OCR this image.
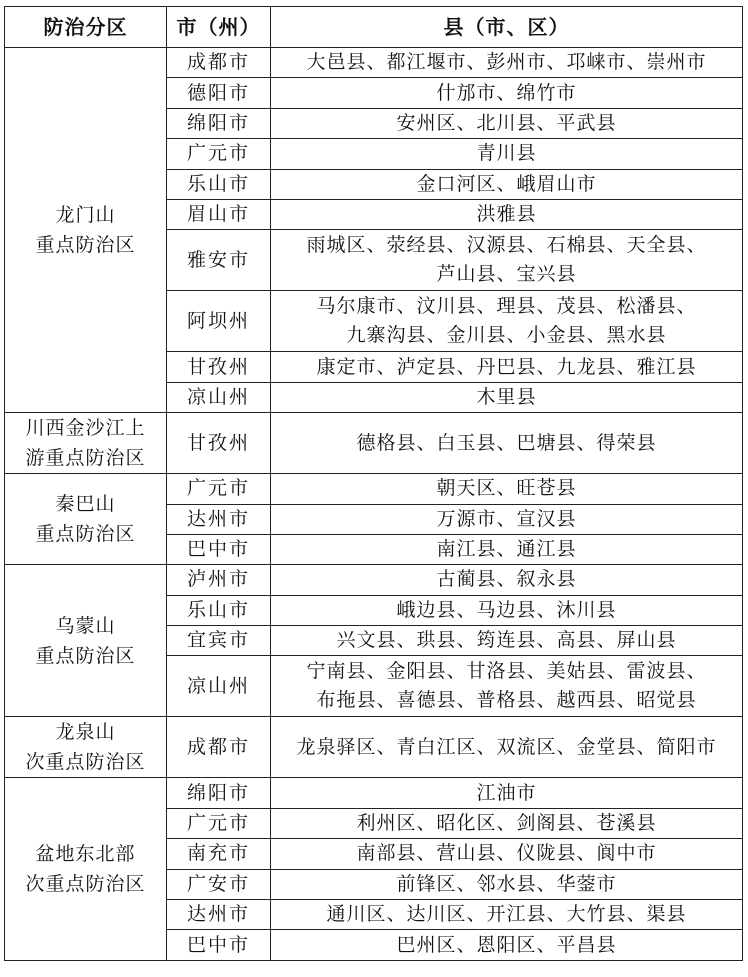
防治分区	市（州）	县（市、区）

龙门山
重点防治区	成都市	大邑县、都江堰市、彭州市、邛崃市、崇州市
	德阳市	什邡市、绵竹市
	绵阳市	安州区、北川县、平武县
	广元市	青川县
	乐山市	金口河区、峨眉山市
	眉山市	洪雅县
	雅安市	雨城区、荥经县、汉源县、石棉县、天全县、
芦山县、宝兴县
	阿坝州	马尔康市、汶川县、理县、茂县、松潘县、
九寨沟县、金川县、小金县、黑水县
	甘孜州	康定市、泸定县、丹巴县、九龙县、雅江县
	凉山州	木里县

川西金沙江上
游重点防治区	甘孜州	德格县、白玉县、巴塘县、得荣县

秦巴山
重点防治区	广元市	朝天区、旺苍县
	达州市	万源市、宣汉县
	巴中市	南江县、通江县

乌蒙山
重点防治区	泸州市	古蔺县、叙永县
	乐山市	峨边县、马边县、沐川县
	宜宾市	兴文县、珙县、筠连县、高县、屏山县
	凉山州	宁南县、金阳县、甘洛县、美姑县、雷波县、
布拖县、喜德县、普格县、越西县、昭觉县

龙泉山
次重点防治区	成都市	龙泉驿区、青白江区、双流区、金堂县、简阳市

盆地东北部
次重点防治区	绵阳市	江油市
	广元市	利州区、昭化区、剑阁县、苍溪县
	南充市	南部县、营山县、仪陇县、阆中市
	广安市	前锋区、邻水县、华蓥市
	达州市	通川区、达川区、开江县、大竹县、渠县
	巴中市	巴州区、恩阳区、平昌县
